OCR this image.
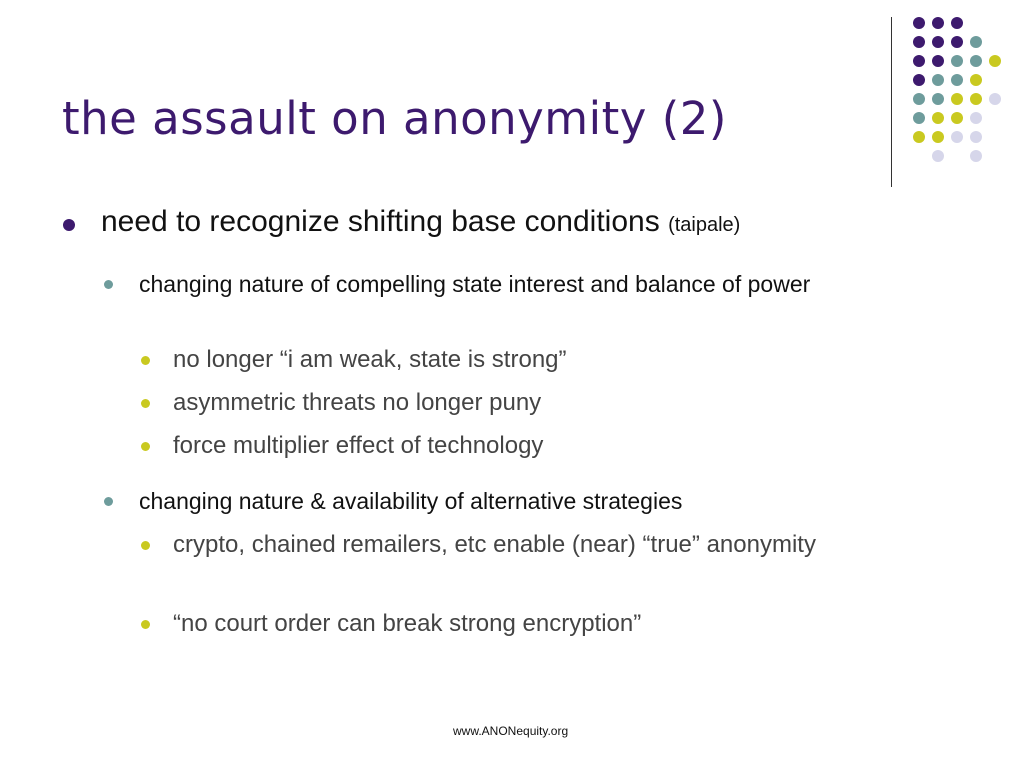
the assault on anonymity (2)
need to recognize shifting base conditions (taipale)
changing nature of compelling state interest and balance of power
no longer “i am weak, state is strong”
asymmetric threats no longer puny
force multiplier effect of technology
changing nature & availability of alternative strategies
crypto, chained remailers, etc enable (near) “true” anonymity
“no court order can break strong encryption”
www.ANONequity.org
